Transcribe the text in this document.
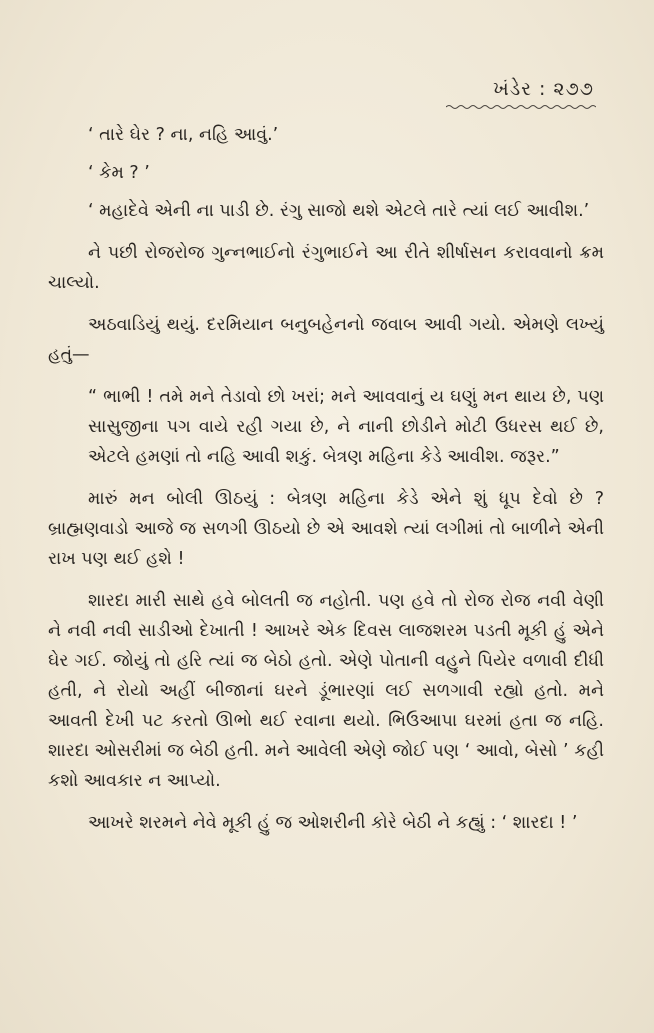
ખંડેર : ૨૭૭

‘ તારે ઘેર ? ના, નહિ આવું.’

‘ કેમ ? ’

‘ મહાદેવે એની ના પાડી છે. રંગુ સાજો થશે એટલે તારે ત્યાં લઈ આવીશ.’

ને પછી રોજરોજ ગુન્નભાઈનો રંગુભાઈને આ રીતે શીર્ષાસન કરાવવાનો ક્રમ ચાલ્યો.

અઠવાડિયું થયું. દરમિયાન બનુબહેનનો જવાબ આવી ગયો. એમણે લખ્યું હતું—

“ ભાભી ! તમે મને તેડાવો છો ખરાં; મને આવવાનું ય ઘણું મન થાય છે, પણ સાસુજીના પગ વાયે રહી ગયા છે, ને નાની છોડીને મોટી ઉધરસ થઈ છે, એટલે હમણાં તો નહિ આવી શકું. બેત્રણ મહિના કેડે આવીશ. જરૂર.”

મારું મન બોલી ઊઠયું : બેત્રણ મહિના કેડે એને શું ધૂપ દેવો છે ? બ્રાહ્મણવાડો આજે જ સળગી ઊઠયો છે એ આવશે ત્યાં લગીમાં તો બાળીને એની રાખ પણ થઈ હશે !

શારદા મારી સાથે હવે બોલતી જ નહોતી. પણ હવે તો રોજ રોજ નવી વેણી ને નવી નવી સાડીઓ દેખાતી ! આખરે એક દિવસ લાજશરમ પડતી મૂકી હું એને ઘેર ગઈ. જોયું તો હરિ ત્યાં જ બેઠો હતો. એણે પોતાની વહુને પિયેર વળાવી દીધી હતી, ને રોયો અહીં બીજાનાં ઘરને ડૂંભારણાં લઈ સળગાવી રહ્યો હતો. મને આવતી દેખી પટ કરતો ઊભો થઈ રવાના થયો. ભિઉઆપા ઘરમાં હતા જ નહિ. શારદા ઓસરીમાં જ બેઠી હતી. મને આવેલી એણે જોઈ પણ ‘ આવો, બેસો ’ કહી કશો આવકાર ન આપ્યો.

આખરે શરમને નેવે મૂકી હું જ ઓશરીની કોરે બેઠી ને કહ્યું : ‘ શારદા ! ’
